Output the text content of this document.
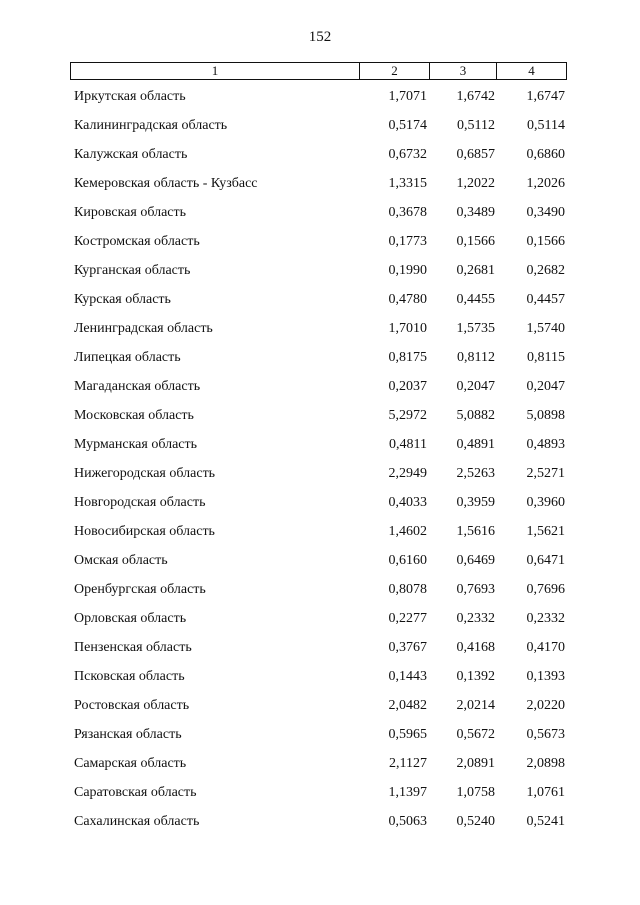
152
1	2	3	4
Иркутская область	1,7071	1,6742	1,6747
Калининградская область	0,5174	0,5112	0,5114
Калужская область	0,6732	0,6857	0,6860
Кемеровская область - Кузбасс	1,3315	1,2022	1,2026
Кировская область	0,3678	0,3489	0,3490
Костромская область	0,1773	0,1566	0,1566
Курганская область	0,1990	0,2681	0,2682
Курская область	0,4780	0,4455	0,4457
Ленинградская область	1,7010	1,5735	1,5740
Липецкая область	0,8175	0,8112	0,8115
Магаданская область	0,2037	0,2047	0,2047
Московская область	5,2972	5,0882	5,0898
Мурманская область	0,4811	0,4891	0,4893
Нижегородская область	2,2949	2,5263	2,5271
Новгородская область	0,4033	0,3959	0,3960
Новосибирская область	1,4602	1,5616	1,5621
Омская область	0,6160	0,6469	0,6471
Оренбургская область	0,8078	0,7693	0,7696
Орловская область	0,2277	0,2332	0,2332
Пензенская область	0,3767	0,4168	0,4170
Псковская область	0,1443	0,1392	0,1393
Ростовская область	2,0482	2,0214	2,0220
Рязанская область	0,5965	0,5672	0,5673
Самарская область	2,1127	2,0891	2,0898
Саратовская область	1,1397	1,0758	1,0761
Сахалинская область	0,5063	0,5240	0,5241
